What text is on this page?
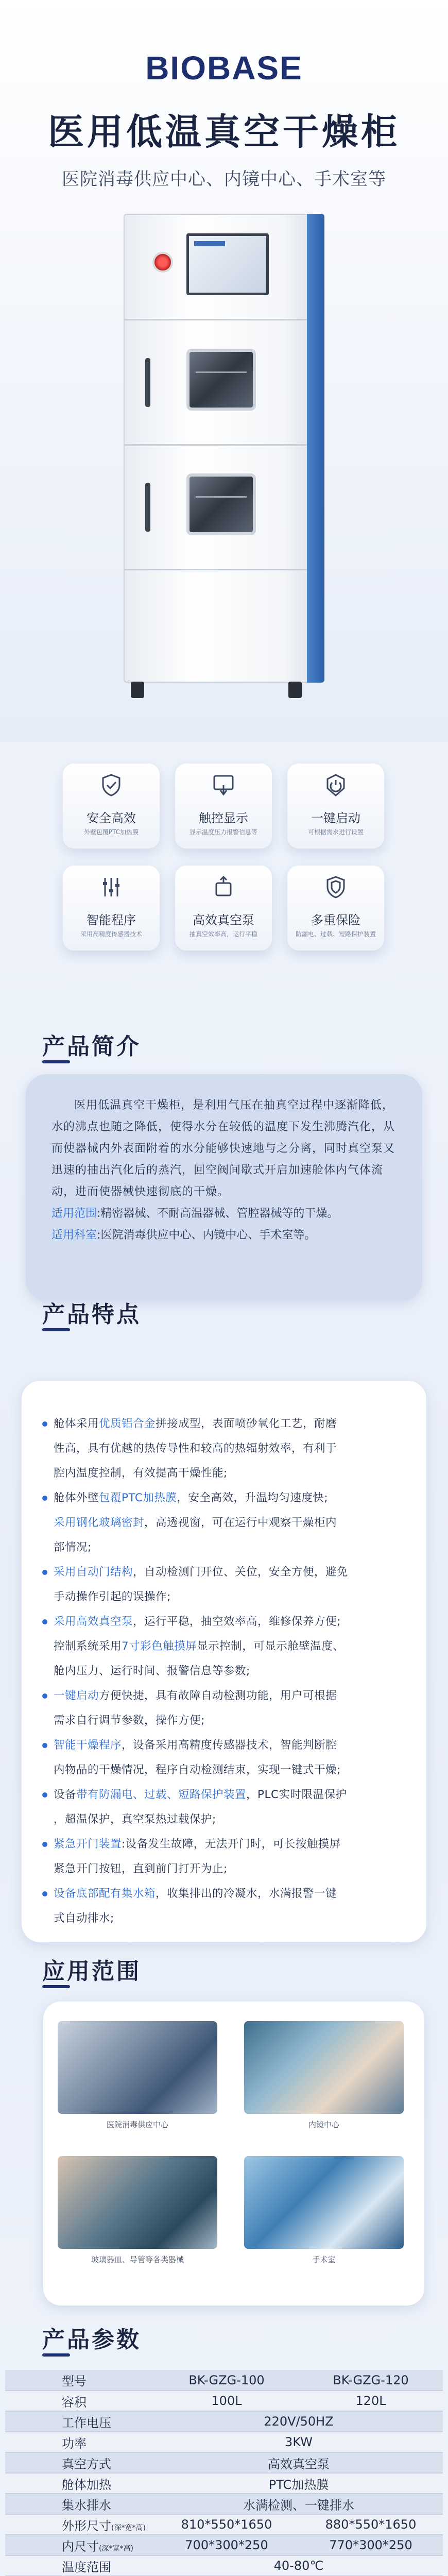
BIOBASE
医用低温真空干燥柜
医院消毒供应中心、内镜中心、手术室等
安全高效
外壁包覆PTC加热膜
触控显示
显示温度压力报警信息等
一键启动
可根据需求进行设置
智能程序
采用高精度传感器技术
高效真空泵
抽真空效率高，运行平稳
多重保险
防漏电、过载、短路保护装置
产品简介

医用低温真空干燥柜，是利用气压在抽真空过程中逐渐降低，水的沸点也随之降低，使得水分在较低的温度下发生沸腾汽化，从而使器械内外表面附着的水分能够快速地与之分离，同时真空泵又迅速的抽出汽化后的蒸汽，回空阀间歇式开启加速舱体内气体流动，进而使器械快速彻底的干燥。

适用范围:精密器械、不耐高温器械、管腔器械等的干燥。
适用科室:医院消毒供应中心、内镜中心、手术室等。
产品特点
舱体采用优质铝合金拼接成型，表面喷砂氧化工艺，耐磨
性高，具有优越的热传导性和较高的热辐射效率，有利于
腔内温度控制，有效提高干燥性能;
舱体外壁包覆PTC加热膜，安全高效，升温均匀速度快;
采用钢化玻璃密封，高透视窗，可在运行中观察干燥柜内
部情况;
采用自动门结构，自动检测门开位、关位，安全方便，避免
手动操作引起的误操作;
采用高效真空泵，运行平稳，抽空效率高，维修保养方便;
控制系统采用7寸彩色触摸屏显示控制，可显示舱壁温度、
舱内压力、运行时间、报警信息等参数;
一键启动方便快捷，具有故障自动检测功能，用户可根据
需求自行调节参数，操作方便;
智能干燥程序，设备采用高精度传感器技术，智能判断腔
内物品的干燥情况，程序自动检测结束，实现一键式干燥;
设备带有防漏电、过载、短路保护装置，PLC实时限温保护
，超温保护，真空泵热过载保护;
紧急开门装置:设备发生故障，无法开门时，可长按触摸屏
紧急开门按钮，直到前门打开为止;
设备底部配有集水箱，收集排出的冷凝水，水满报警一键
式自动排水;
应用范围
医院消毒供应中心	内镜中心
玻璃器皿、导管等各类器械	手术室
产品参数
型号	BK-GZG-100	BK-GZG-120
容积	100L	120L
工作电压	220V/50HZ	
功率	3KW	
真空方式	高效真空泵	
舱体加热	PTC加热膜	
集水排水	水满检测、一键排水	
外形尺寸(深*宽*高)	810*550*1650	880*550*1650
内尺寸(深*宽*高)	700*300*250	770*300*250
温度范围	40-80℃	
